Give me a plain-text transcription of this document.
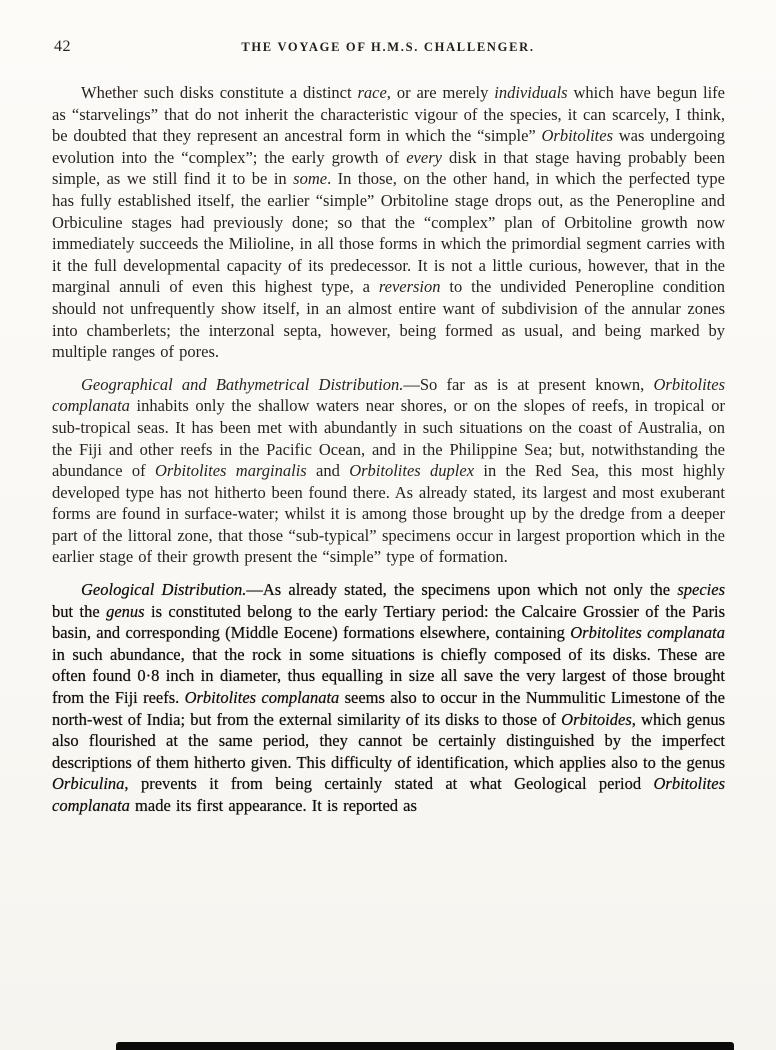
42	THE VOYAGE OF H.M.S. CHALLENGER.

Whether such disks constitute a distinct race, or are merely individuals which have begun life as “starvelings” that do not inherit the characteristic vigour of the species, it can scarcely, I think, be doubted that they represent an ancestral form in which the “simple” Orbitolites was undergoing evolution into the “complex”; the early growth of every disk in that stage having probably been simple, as we still find it to be in some. In those, on the other hand, in which the perfected type has fully established itself, the earlier “simple” Orbitoline stage drops out, as the Peneropline and Orbiculine stages had previously done; so that the “complex” plan of Orbitoline growth now immediately succeeds the Milioline, in all those forms in which the primordial segment carries with it the full developmental capacity of its predecessor. It is not a little curious, however, that in the marginal annuli of even this highest type, a reversion to the undivided Peneropline condition should not unfrequently show itself, in an almost entire want of subdivision of the annular zones into chamberlets; the interzonal septa, however, being formed as usual, and being marked by multiple ranges of pores.

Geographical and Bathymetrical Distribution.—So far as is at present known, Orbitolites complanata inhabits only the shallow waters near shores, or on the slopes of reefs, in tropical or sub-tropical seas. It has been met with abundantly in such situations on the coast of Australia, on the Fiji and other reefs in the Pacific Ocean, and in the Philippine Sea; but, notwithstanding the abundance of Orbitolites marginalis and Orbitolites duplex in the Red Sea, this most highly developed type has not hitherto been found there. As already stated, its largest and most exuberant forms are found in surface-water; whilst it is among those brought up by the dredge from a deeper part of the littoral zone, that those “sub-typical” specimens occur in largest proportion which in the earlier stage of their growth present the “simple” type of formation.

Geological Distribution.—As already stated, the specimens upon which not only the species but the genus is constituted belong to the early Tertiary period: the Calcaire Grossier of the Paris basin, and corresponding (Middle Eocene) formations elsewhere, containing Orbitolites complanata in such abundance, that the rock in some situations is chiefly composed of its disks. These are often found 0·8 inch in diameter, thus equalling in size all save the very largest of those brought from the Fiji reefs. Orbitolites complanata seems also to occur in the Nummulitic Limestone of the north-west of India; but from the external similarity of its disks to those of Orbitoides, which genus also flourished at the same period, they cannot be certainly distinguished by the imperfect descriptions of them hitherto given. This difficulty of identification, which applies also to the genus Orbiculina, prevents it from being certainly stated at what Geological period Orbitolites complanata made its first appearance. It is reported as
